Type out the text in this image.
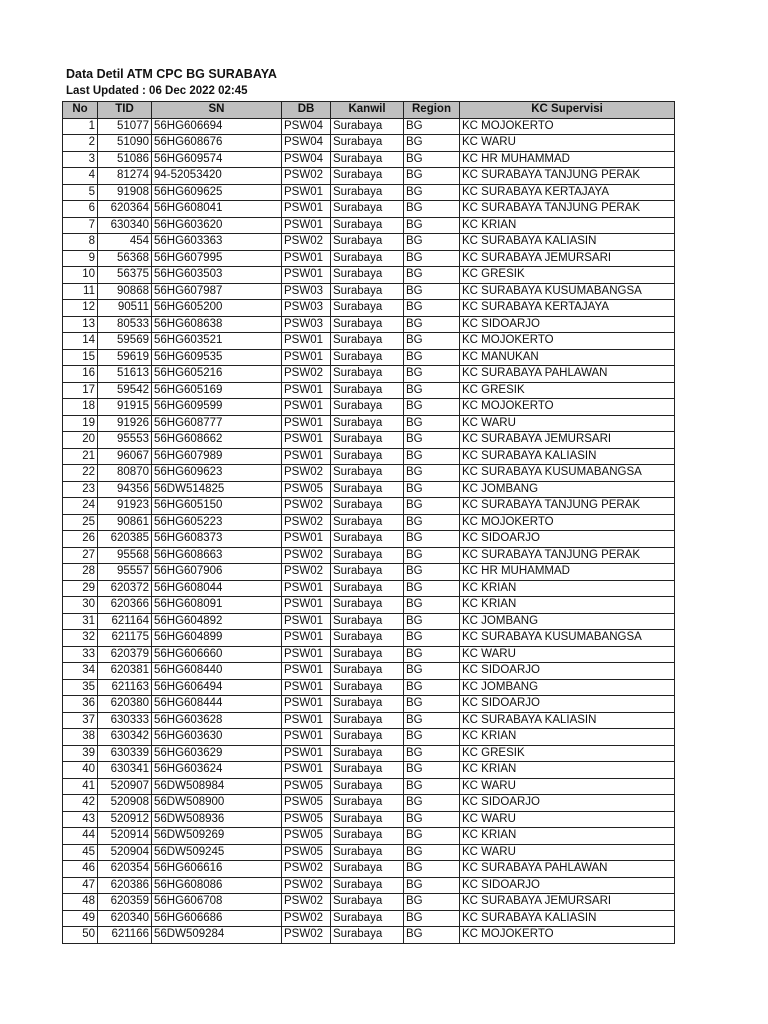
Data Detil ATM CPC BG SURABAYA
Last Updated : 06 Dec 2022 02:45
No	TID	SN	DB	Kanwil	Region	KC Supervisi
1	51077	56HG606694	PSW04	Surabaya	BG	KC MOJOKERTO
2	51090	56HG608676	PSW04	Surabaya	BG	KC WARU
3	51086	56HG609574	PSW04	Surabaya	BG	KC HR MUHAMMAD
4	81274	94-52053420	PSW02	Surabaya	BG	KC SURABAYA TANJUNG PERAK
5	91908	56HG609625	PSW01	Surabaya	BG	KC SURABAYA KERTAJAYA
6	620364	56HG608041	PSW01	Surabaya	BG	KC SURABAYA TANJUNG PERAK
7	630340	56HG603620	PSW01	Surabaya	BG	KC KRIAN
8	454	56HG603363	PSW02	Surabaya	BG	KC SURABAYA KALIASIN
9	56368	56HG607995	PSW01	Surabaya	BG	KC SURABAYA JEMURSARI
10	56375	56HG603503	PSW01	Surabaya	BG	KC GRESIK
11	90868	56HG607987	PSW03	Surabaya	BG	KC SURABAYA KUSUMABANGSA
12	90511	56HG605200	PSW03	Surabaya	BG	KC SURABAYA KERTAJAYA
13	80533	56HG608638	PSW03	Surabaya	BG	KC SIDOARJO
14	59569	56HG603521	PSW01	Surabaya	BG	KC MOJOKERTO
15	59619	56HG609535	PSW01	Surabaya	BG	KC MANUKAN
16	51613	56HG605216	PSW02	Surabaya	BG	KC SURABAYA PAHLAWAN
17	59542	56HG605169	PSW01	Surabaya	BG	KC GRESIK
18	91915	56HG609599	PSW01	Surabaya	BG	KC MOJOKERTO
19	91926	56HG608777	PSW01	Surabaya	BG	KC WARU
20	95553	56HG608662	PSW01	Surabaya	BG	KC SURABAYA JEMURSARI
21	96067	56HG607989	PSW01	Surabaya	BG	KC SURABAYA KALIASIN
22	80870	56HG609623	PSW02	Surabaya	BG	KC SURABAYA KUSUMABANGSA
23	94356	56DW514825	PSW05	Surabaya	BG	KC JOMBANG
24	91923	56HG605150	PSW02	Surabaya	BG	KC SURABAYA TANJUNG PERAK
25	90861	56HG605223	PSW02	Surabaya	BG	KC MOJOKERTO
26	620385	56HG608373	PSW01	Surabaya	BG	KC SIDOARJO
27	95568	56HG608663	PSW02	Surabaya	BG	KC SURABAYA TANJUNG PERAK
28	95557	56HG607906	PSW02	Surabaya	BG	KC HR MUHAMMAD
29	620372	56HG608044	PSW01	Surabaya	BG	KC KRIAN
30	620366	56HG608091	PSW01	Surabaya	BG	KC KRIAN
31	621164	56HG604892	PSW01	Surabaya	BG	KC JOMBANG
32	621175	56HG604899	PSW01	Surabaya	BG	KC SURABAYA KUSUMABANGSA
33	620379	56HG606660	PSW01	Surabaya	BG	KC WARU
34	620381	56HG608440	PSW01	Surabaya	BG	KC SIDOARJO
35	621163	56HG606494	PSW01	Surabaya	BG	KC JOMBANG
36	620380	56HG608444	PSW01	Surabaya	BG	KC SIDOARJO
37	630333	56HG603628	PSW01	Surabaya	BG	KC SURABAYA KALIASIN
38	630342	56HG603630	PSW01	Surabaya	BG	KC KRIAN
39	630339	56HG603629	PSW01	Surabaya	BG	KC GRESIK
40	630341	56HG603624	PSW01	Surabaya	BG	KC KRIAN
41	520907	56DW508984	PSW05	Surabaya	BG	KC WARU
42	520908	56DW508900	PSW05	Surabaya	BG	KC SIDOARJO
43	520912	56DW508936	PSW05	Surabaya	BG	KC WARU
44	520914	56DW509269	PSW05	Surabaya	BG	KC KRIAN
45	520904	56DW509245	PSW05	Surabaya	BG	KC WARU
46	620354	56HG606616	PSW02	Surabaya	BG	KC SURABAYA PAHLAWAN
47	620386	56HG608086	PSW02	Surabaya	BG	KC SIDOARJO
48	620359	56HG606708	PSW02	Surabaya	BG	KC SURABAYA JEMURSARI
49	620340	56HG606686	PSW02	Surabaya	BG	KC SURABAYA KALIASIN
50	621166	56DW509284	PSW02	Surabaya	BG	KC MOJOKERTO
